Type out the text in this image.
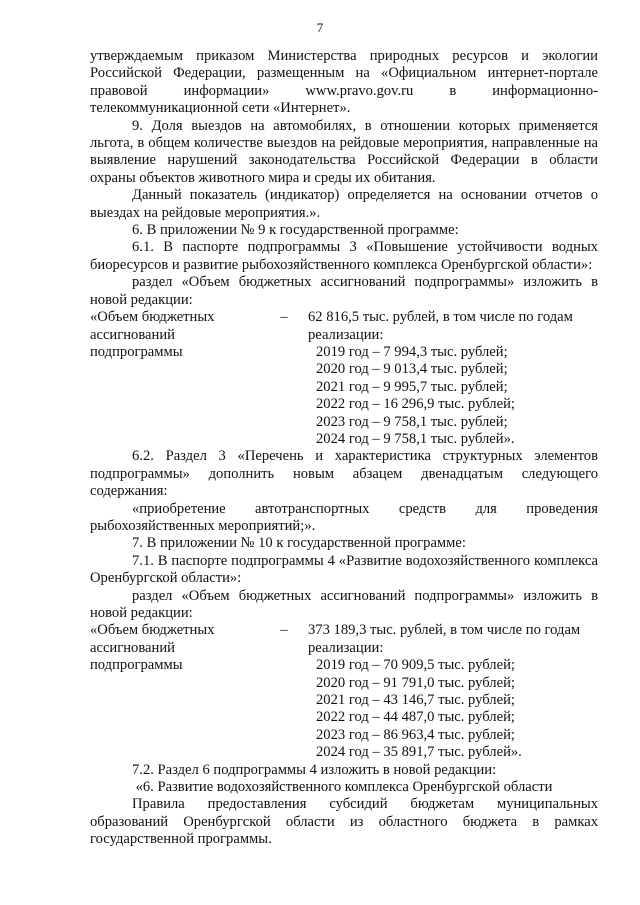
7

утверждаемым приказом Министерства природных ресурсов и экологии Российской Федерации, размещенным на «Официальном интернет-портале правовой информации» www.pravo.gov.ru в информационно-телекоммуникационной сети «Интернет».

9. Доля выездов на автомобилях, в отношении которых применяется льгота, в общем количестве выездов на рейдовые мероприятия, направленные на выявление нарушений законодательства Российской Федерации в области охраны объектов животного мира и среды их обитания.

Данный показатель (индикатор) определяется на основании отчетов о выездах на рейдовые мероприятия.».

6. В приложении № 9 к государственной программе:

6.1. В паспорте подпрограммы 3 «Повышение устойчивости водных биоресурсов и развитие рыбохозяйственного комплекса Оренбургской области»:

раздел «Объем бюджетных ассигнований подпрограммы» изложить в новой редакции:

«Объем бюджетных
ассигнований
подпрограммы
–	62 816,5 тыс. рублей, в том числе по годам
реализации:
2019 год – 7 994,3 тыс. рублей;
2020 год – 9 013,4 тыс. рублей;
2021 год – 9 995,7 тыс. рублей;
2022 год – 16 296,9 тыс. рублей;
2023 год – 9 758,1 тыс. рублей;
2024 год – 9 758,1 тыс. рублей».

6.2. Раздел 3 «Перечень и характеристика структурных элементов подпрограммы» дополнить новым абзацем двенадцатым следующего содержания:

«приобретение автотранспортных средств для проведения рыбохозяйственных мероприятий;».

7. В приложении № 10 к государственной программе:

7.1. В паспорте подпрограммы 4 «Развитие водохозяйственного комплекса Оренбургской области»:

раздел «Объем бюджетных ассигнований подпрограммы» изложить в новой редакции:

«Объем бюджетных
ассигнований
подпрограммы
–	373 189,3 тыс. рублей, в том числе по годам
реализации:
2019 год – 70 909,5 тыс. рублей;
2020 год – 91 791,0 тыс. рублей;
2021 год – 43 146,7 тыс. рублей;
2022 год – 44 487,0 тыс. рублей;
2023 год – 86 963,4 тыс. рублей;
2024 год – 35 891,7 тыс. рублей».

7.2. Раздел 6 подпрограммы 4 изложить в новой редакции:

«6. Развитие водохозяйственного комплекса Оренбургской области

Правила предоставления субсидий бюджетам муниципальных образований Оренбургской области из областного бюджета в рамках государственной программы.
